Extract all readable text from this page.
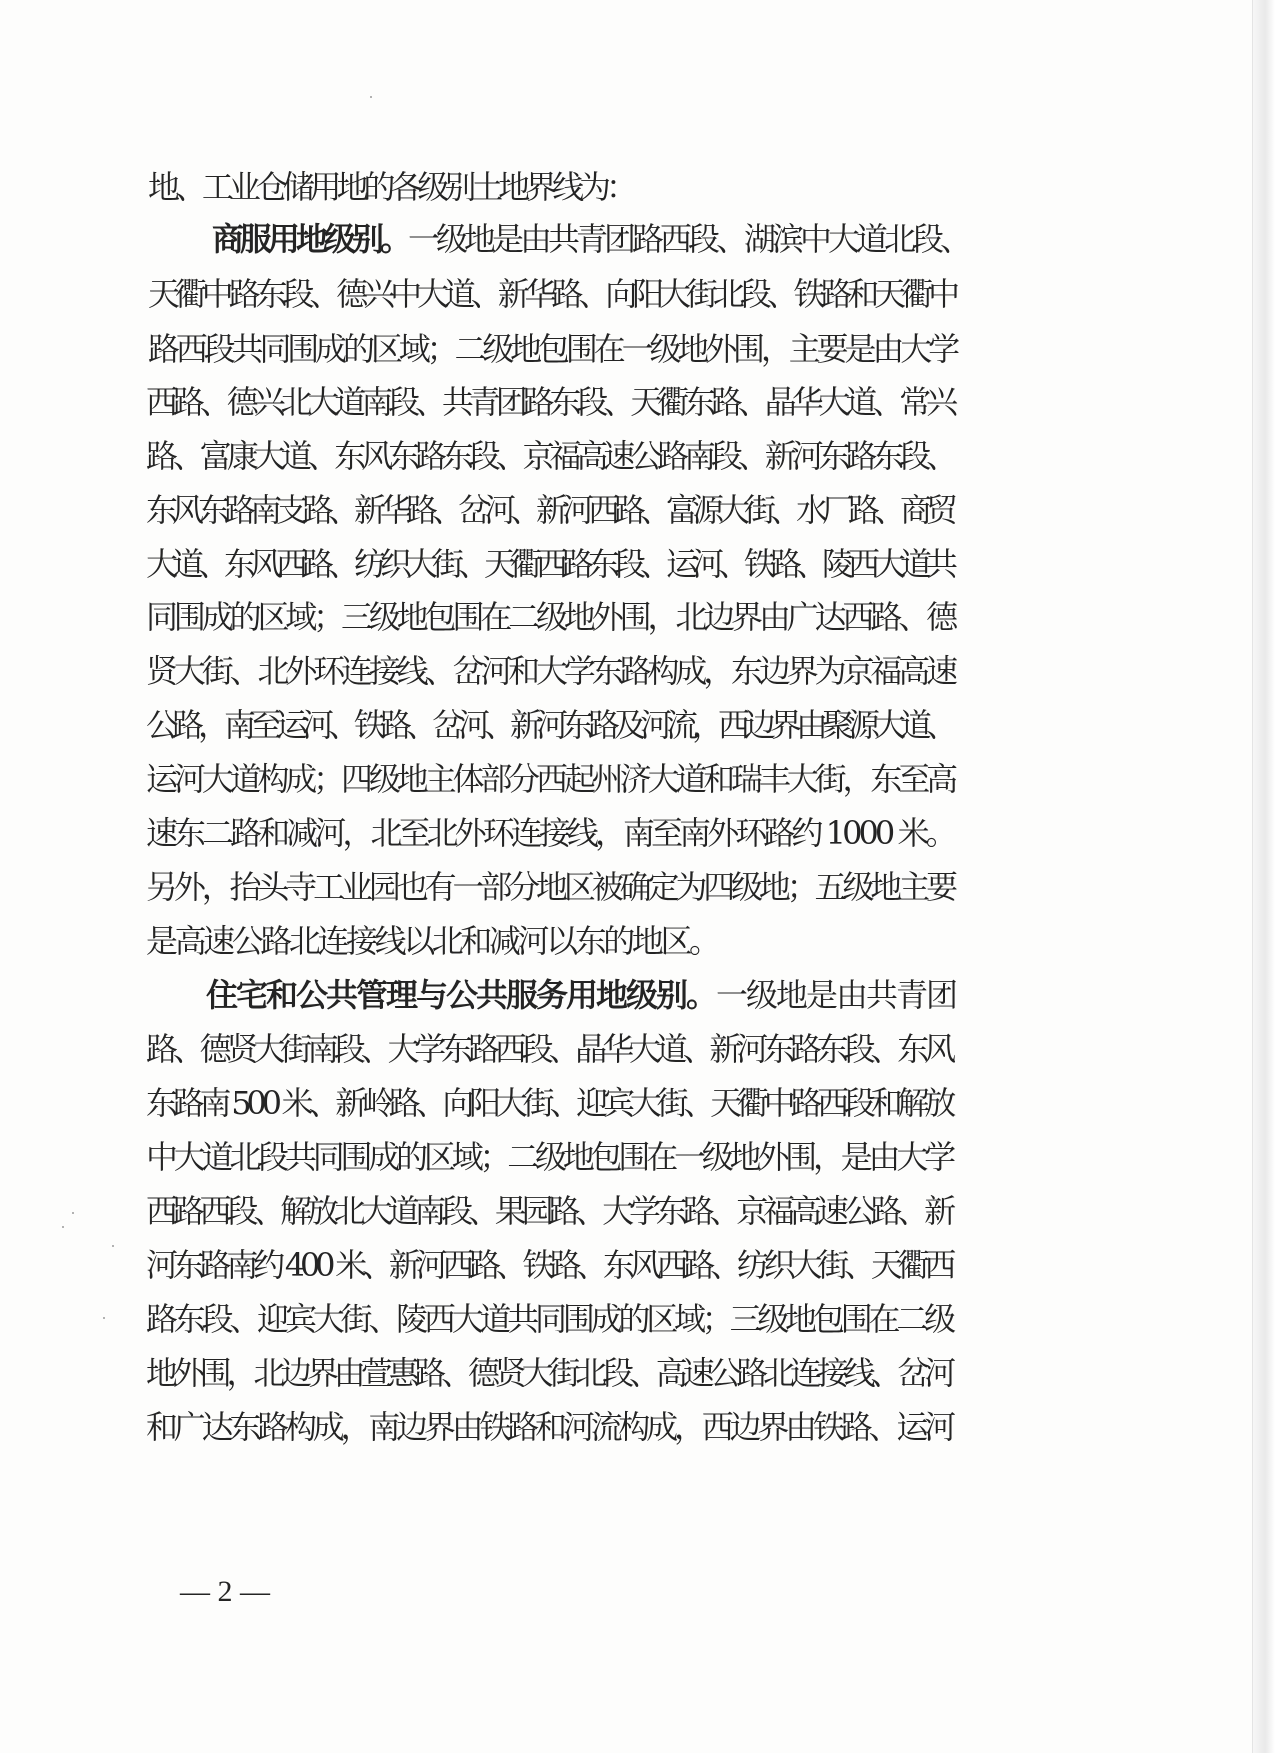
地、工业仓储用地的各级别土地界线为：

商服用地级别。一级地是由共青团路西段、湖滨中大道北段、

天衢中路东段、德兴中大道、新华路、向阳大街北段、铁路和天衢中

路西段共同围成的区域；二级地包围在一级地外围，主要是由大学

西路、德兴北大道南段、共青团路东段、天衢东路、晶华大道、常兴

路、富康大道、东风东路东段、京福高速公路南段、新河东路东段、

东风东路南支路、新华路、岔河、新河西路、富源大街、水厂路、商贸

大道、东风西路、纺织大街、天衢西路东段、运河、铁路、陵西大道共

同围成的区域；三级地包围在二级地外围，北边界由广达西路、德

贤大街、北外环连接线、岔河和大学东路构成，东边界为京福高速

公路，南至运河、铁路、岔河、新河东路及河流，西边界由聚源大道、

运河大道构成；四级地主体部分西起州济大道和瑞丰大街，东至高

速东二路和减河，北至北外环连接线，南至南外环路约 1000 米。

另外，抬头寺工业园也有一部分地区被确定为四级地；五级地主要

是高速公路北连接线以北和减河以东的地区。

住宅和公共管理与公共服务用地级别。一级地是由共青团

路、德贤大街南段、大学东路西段、晶华大道、新河东路东段、东风

东路南 500 米、新岭路、向阳大街、迎宾大街、天衢中路西段和解放

中大道北段共同围成的区域；二级地包围在一级地外围，是由大学

西路西段、解放北大道南段、果园路、大学东路、京福高速公路、新

河东路南约 400 米、新河西路、铁路、东风西路、纺织大街、天衢西

路东段、迎宾大街、陵西大道共同围成的区域；三级地包围在二级

地外围，北边界由萱惠路、德贤大街北段、高速公路北连接线、岔河

和广达东路构成，南边界由铁路和河流构成，西边界由铁路、运河

— 2 —
